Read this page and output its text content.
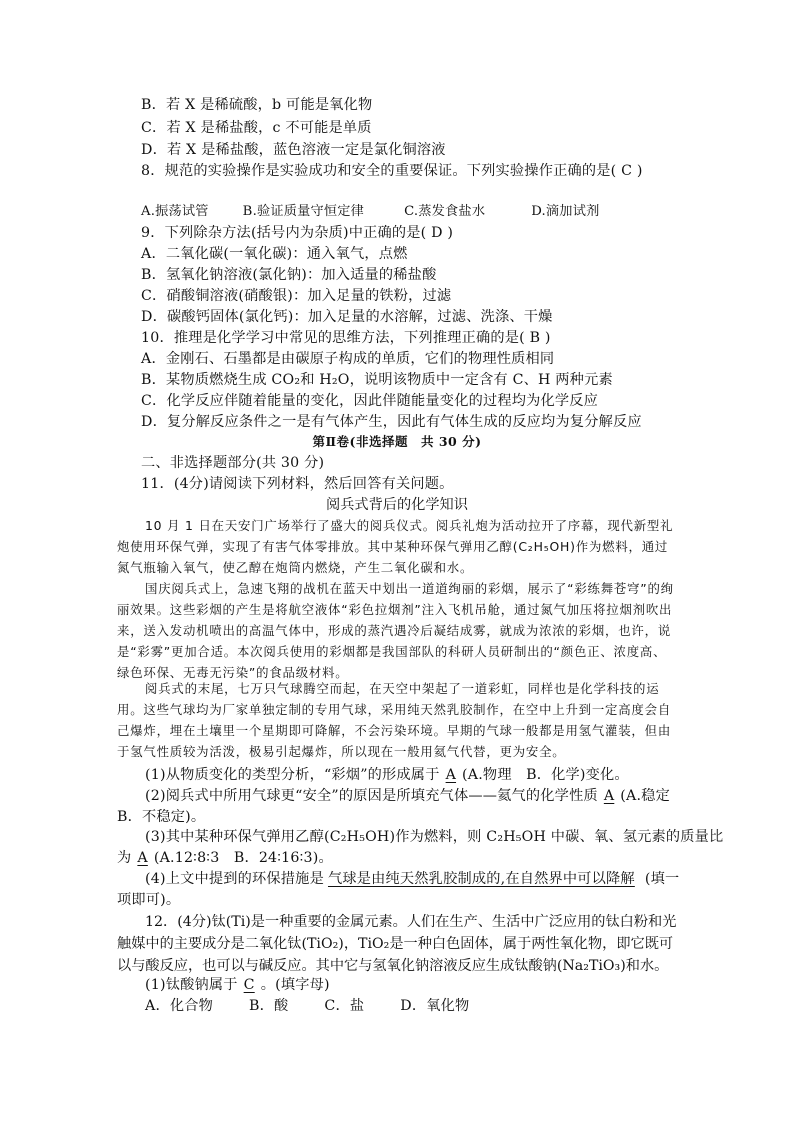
B．若 X 是稀硫酸，b 可能是氧化物
C．若 X 是稀盐酸，c 不可能是单质
D．若 X 是稀盐酸，蓝色溶液一定是氯化铜溶液
8．规范的实验操作是实验成功和安全的重要保证。下列实验操作正确的是( C )
A.振荡试管	B.验证质量守恒定律	C.蒸发食盐水	D.滴加试剂
9．下列除杂方法(括号内为杂质)中正确的是( D )
A．二氧化碳(一氧化碳)：通入氧气，点燃
B．氢氧化钠溶液(氯化钠)：加入适量的稀盐酸
C．硝酸铜溶液(硝酸银)：加入足量的铁粉，过滤
D．碳酸钙固体(氯化钙)：加入足量的水溶解，过滤、洗涤、干燥
10．推理是化学学习中常见的思维方法，下列推理正确的是( B )
A．金刚石、石墨都是由碳原子构成的单质，它们的物理性质相同
B．某物质燃烧生成 CO₂和 H₂O，说明该物质中一定含有 C、H 两种元素
C．化学反应伴随着能量的变化，因此伴随能量变化的过程均为化学反应
D．复分解反应条件之一是有气体产生，因此有气体生成的反应均为复分解反应
第Ⅱ卷(非选择题　共 30 分)
二、非选择题部分(共 30 分)
11．(4分)请阅读下列材料，然后回答有关问题。
阅兵式背后的化学知识
10 月 1 日在天安门广场举行了盛大的阅兵仪式。阅兵礼炮为活动拉开了序幕，现代新型礼炮使用环保气弹，实现了有害气体零排放。其中某种环保气弹用乙醇(C₂H₅OH)作为燃料，通过氮气瓶输入氧气，使乙醇在炮筒内燃烧，产生二氧化碳和水。
国庆阅兵式上，急速飞翔的战机在蓝天中划出一道道绚丽的彩烟，展示了“彩练舞苍穹”的绚丽效果。这些彩烟的产生是将航空液体“彩色拉烟剂”注入飞机吊舱，通过氮气加压将拉烟剂吹出来，送入发动机喷出的高温气体中，形成的蒸汽遇冷后凝结成雾，就成为浓浓的彩烟，也许，说是“彩雾”更加合适。本次阅兵使用的彩烟都是我国部队的科研人员研制出的“颜色正、浓度高、绿色环保、无毒无污染”的食品级材料。
阅兵式的末尾，七万只气球腾空而起，在天空中架起了一道彩虹，同样也是化学科技的运用。这些气球均为厂家单独定制的专用气球，采用纯天然乳胶制作，在空中上升到一定高度会自己爆炸，埋在土壤里一个星期即可降解，不会污染环境。早期的气球一般都是用氢气灌装，但由于氢气性质较为活泼，极易引起爆炸，所以现在一般用氦气代替，更为安全。
(1)从物质变化的类型分析，“彩烟”的形成属于 A (A.物理　B．化学)变化。
(2)阅兵式中所用气球更“安全”的原因是所填充气体——氦气的化学性质 A (A.稳定
B．不稳定)。
(3)其中某种环保气弹用乙醇(C₂H₅OH)作为燃料，则 C₂H₅OH 中碳、氧、氢元素的质量比
为 A (A.12∶8∶3　B．24∶16∶3)。
(4)上文中提到的环保措施是 气球是由纯天然乳胶制成的,在自然界中可以降解 (填一
项即可)。
12．(4分)钛(Ti)是一种重要的金属元素。人们在生产、生活中广泛应用的钛白粉和光触媒中的主要成分是二氧化钛(TiO₂)，TiO₂是一种白色固体，属于两性氧化物，即它既可以与酸反应，也可以与碱反应。其中它与氢氧化钠溶液反应生成钛酸钠(Na₂TiO₃)和水。
(1)钛酸钠属于 C 。(填字母)
A．化合物	B．酸	C．盐	D．氧化物
